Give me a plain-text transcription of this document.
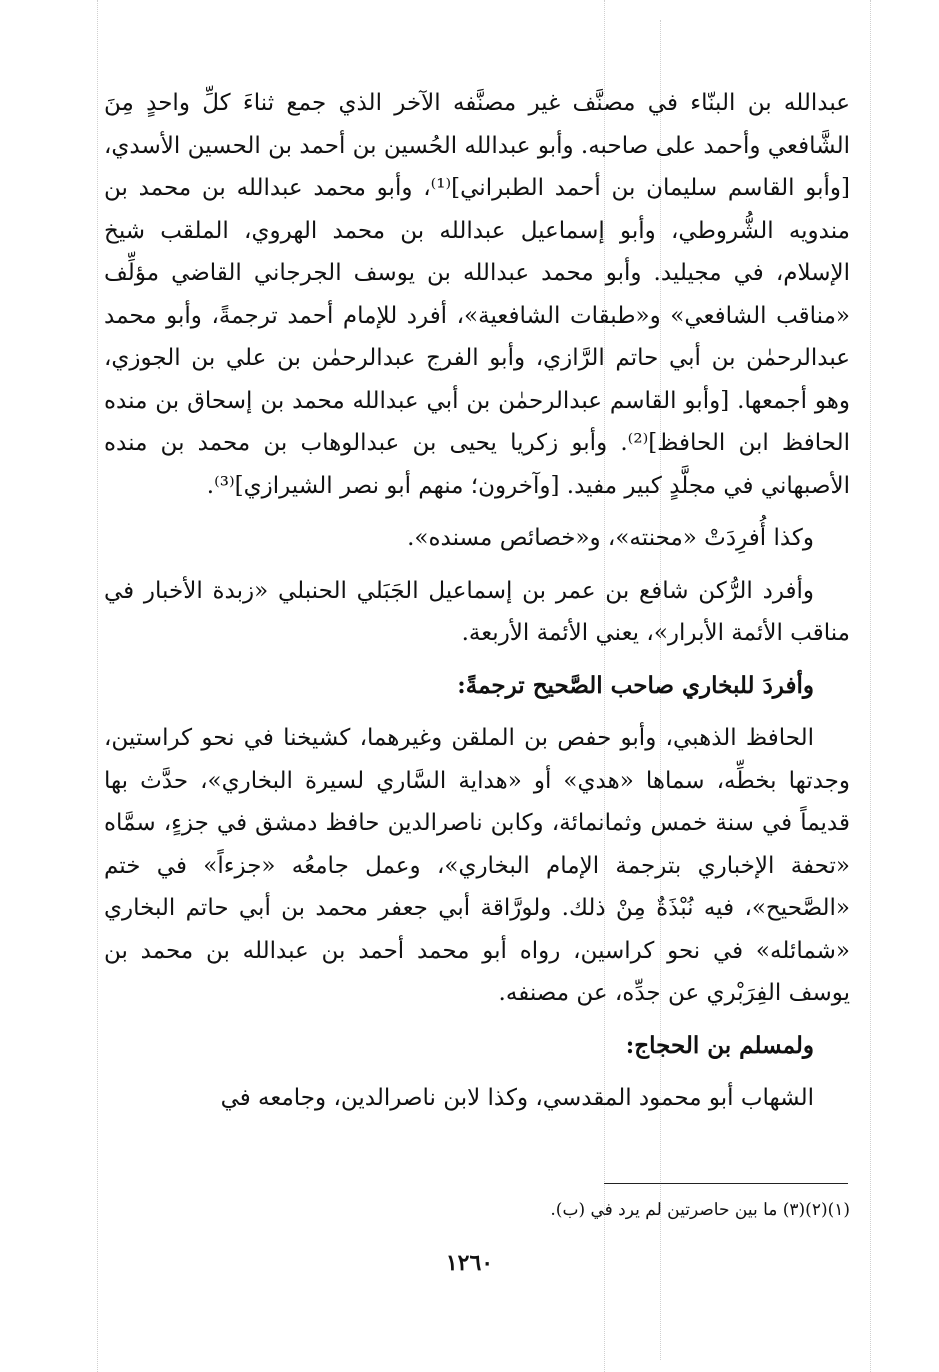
عبدالله بن البنّاء في مصنَّف غير مصنَّفه الآخر الذي جمع ثناءَ كلِّ واحدٍ مِنَ الشَّافعي وأحمد على صاحبه. وأبو عبدالله الحُسين بن أحمد بن الحسين الأسدي، [وأبو القاسم سليمان بن أحمد الطبراني]⁽¹⁾، وأبو محمد عبدالله بن محمد بن مندويه الشُّروطي، وأبو إسماعيل عبدالله بن محمد الهروي، الملقب شيخ الإسلام، في مجيليد. وأبو محمد عبدالله بن يوسف الجرجاني القاضي مؤلِّف «مناقب الشافعي» و«طبقات الشافعية»، أفرد للإمام أحمد ترجمةً، وأبو محمد عبدالرحمٰن بن أبي حاتم الرَّازي، وأبو الفرج عبدالرحمٰن بن علي بن الجوزي، وهو أجمعها. [وأبو القاسم عبدالرحمٰن بن أبي عبدالله محمد بن إسحاق بن منده الحافظ ابن الحافظ]⁽²⁾. وأبو زكريا يحيى بن عبدالوهاب بن محمد بن منده الأصبهاني في مجلَّدٍ كبير مفيد. [وآخرون؛ منهم أبو نصر الشيرازي]⁽³⁾.

وكذا أُفرِدَتْ «محنته»، و«خصائص مسنده».

وأفرد الرُّكن شافع بن عمر بن إسماعيل الجَبَلي الحنبلي «زبدة الأخبار في مناقب الأئمة الأبرار»، يعني الأئمة الأربعة.

وأفردَ للبخاري صاحب الصَّحيح ترجمةً:

الحافظ الذهبي، وأبو حفص بن الملقن وغيرهما، كشيخنا في نحو كراستين، وجدتها بخطِّه، سماها «هدي» أو «هداية السَّاري لسيرة البخاري»، حدَّث بها قديماً في سنة خمس وثمانمائة، وكابن ناصرالدين حافظ دمشق في جزءٍ، سمَّاه «تحفة الإخباري بترجمة الإمام البخاري»، وعمل جامعُه «جزءاً» في ختم «الصَّحيح»، فيه نُبْذَةٌ مِنْ ذلك. ولورَّاقة أبي جعفر محمد بن أبي حاتم البخاري «شمائله» في نحو كراسين، رواه أبو محمد أحمد بن عبدالله بن محمد بن يوسف الفِرَبْري عن جدِّه، عن مصنفه.

ولمسلم بن الحجاج:

الشهاب أبو محمود المقدسي، وكذا لابن ناصرالدين، وجامعه في

(١)(٢)(٣) ما بين حاصرتين لم يرد في (ب).
١٢٦٠
